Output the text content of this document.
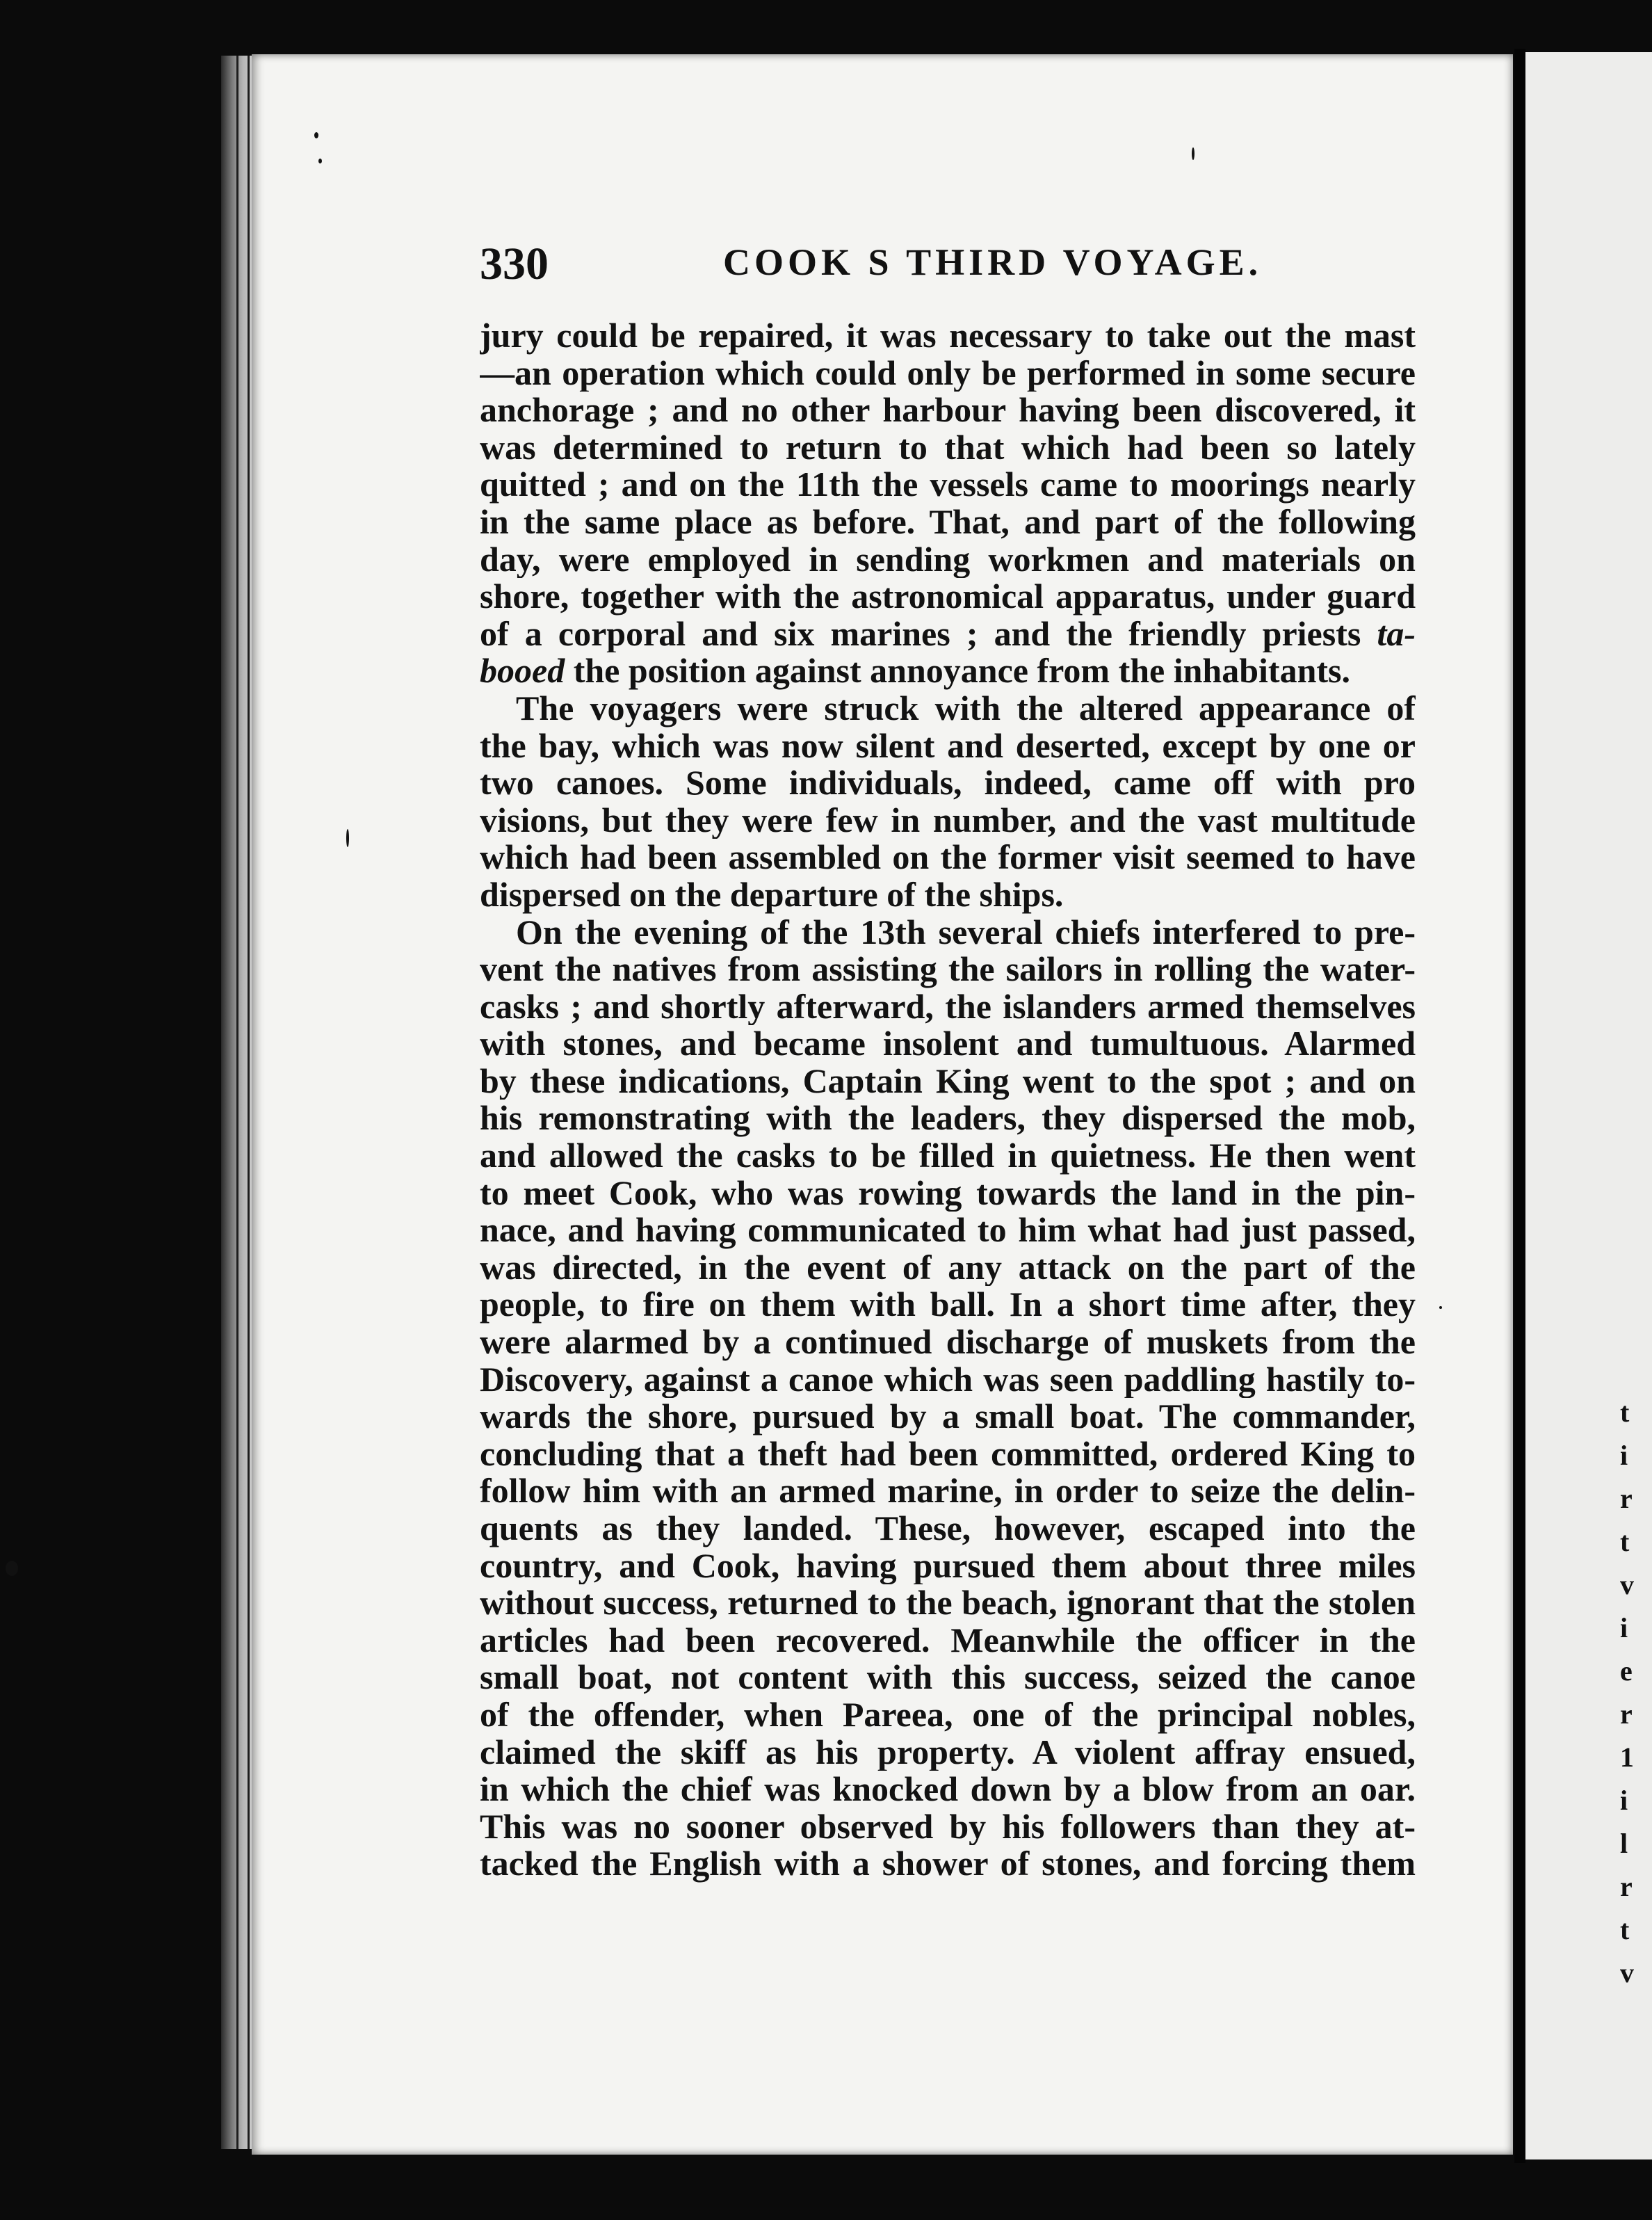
t
i
r
t
v
i
e
r
1
i
l
r
t
v
330	COOK S THIRD VOYAGE.
jury could be repaired, it was necessary to take out the mast
—an operation which could only be performed in some secure
anchorage ; and no other harbour having been discovered, it
was determined to return to that which had been so lately
quitted ; and on the 11th the vessels came to moorings nearly
in the same place as before. That, and part of the following
day, were employed in sending workmen and materials on
shore, together with the astronomical apparatus, under guard
of a corporal and six marines ; and the friendly priests ta-
booed the position against annoyance from the inhabitants.
The voyagers were struck with the altered appearance of
the bay, which was now silent and deserted, except by one or
two canoes. Some individuals, indeed, came off with pro
visions, but they were few in number, and the vast multitude
which had been assembled on the former visit seemed to have
dispersed on the departure of the ships.
On the evening of the 13th several chiefs interfered to pre-
vent the natives from assisting the sailors in rolling the water-
casks ; and shortly afterward, the islanders armed themselves
with stones, and became insolent and tumultuous. Alarmed
by these indications, Captain King went to the spot ; and on
his remonstrating with the leaders, they dispersed the mob,
and allowed the casks to be filled in quietness. He then went
to meet Cook, who was rowing towards the land in the pin-
nace, and having communicated to him what had just passed,
was directed, in the event of any attack on the part of the
people, to fire on them with ball. In a short time after, they
were alarmed by a continued discharge of muskets from the
Discovery, against a canoe which was seen paddling hastily to-
wards the shore, pursued by a small boat. The commander,
concluding that a theft had been committed, ordered King to
follow him with an armed marine, in order to seize the delin-
quents as they landed. These, however, escaped into the
country, and Cook, having pursued them about three miles
without success, returned to the beach, ignorant that the stolen
articles had been recovered. Meanwhile the officer in the
small boat, not content with this success, seized the canoe
of the offender, when Pareea, one of the principal nobles,
claimed the skiff as his property. A violent affray ensued,
in which the chief was knocked down by a blow from an oar.
This was no sooner observed by his followers than they at-
tacked the English with a shower of stones, and forcing them
